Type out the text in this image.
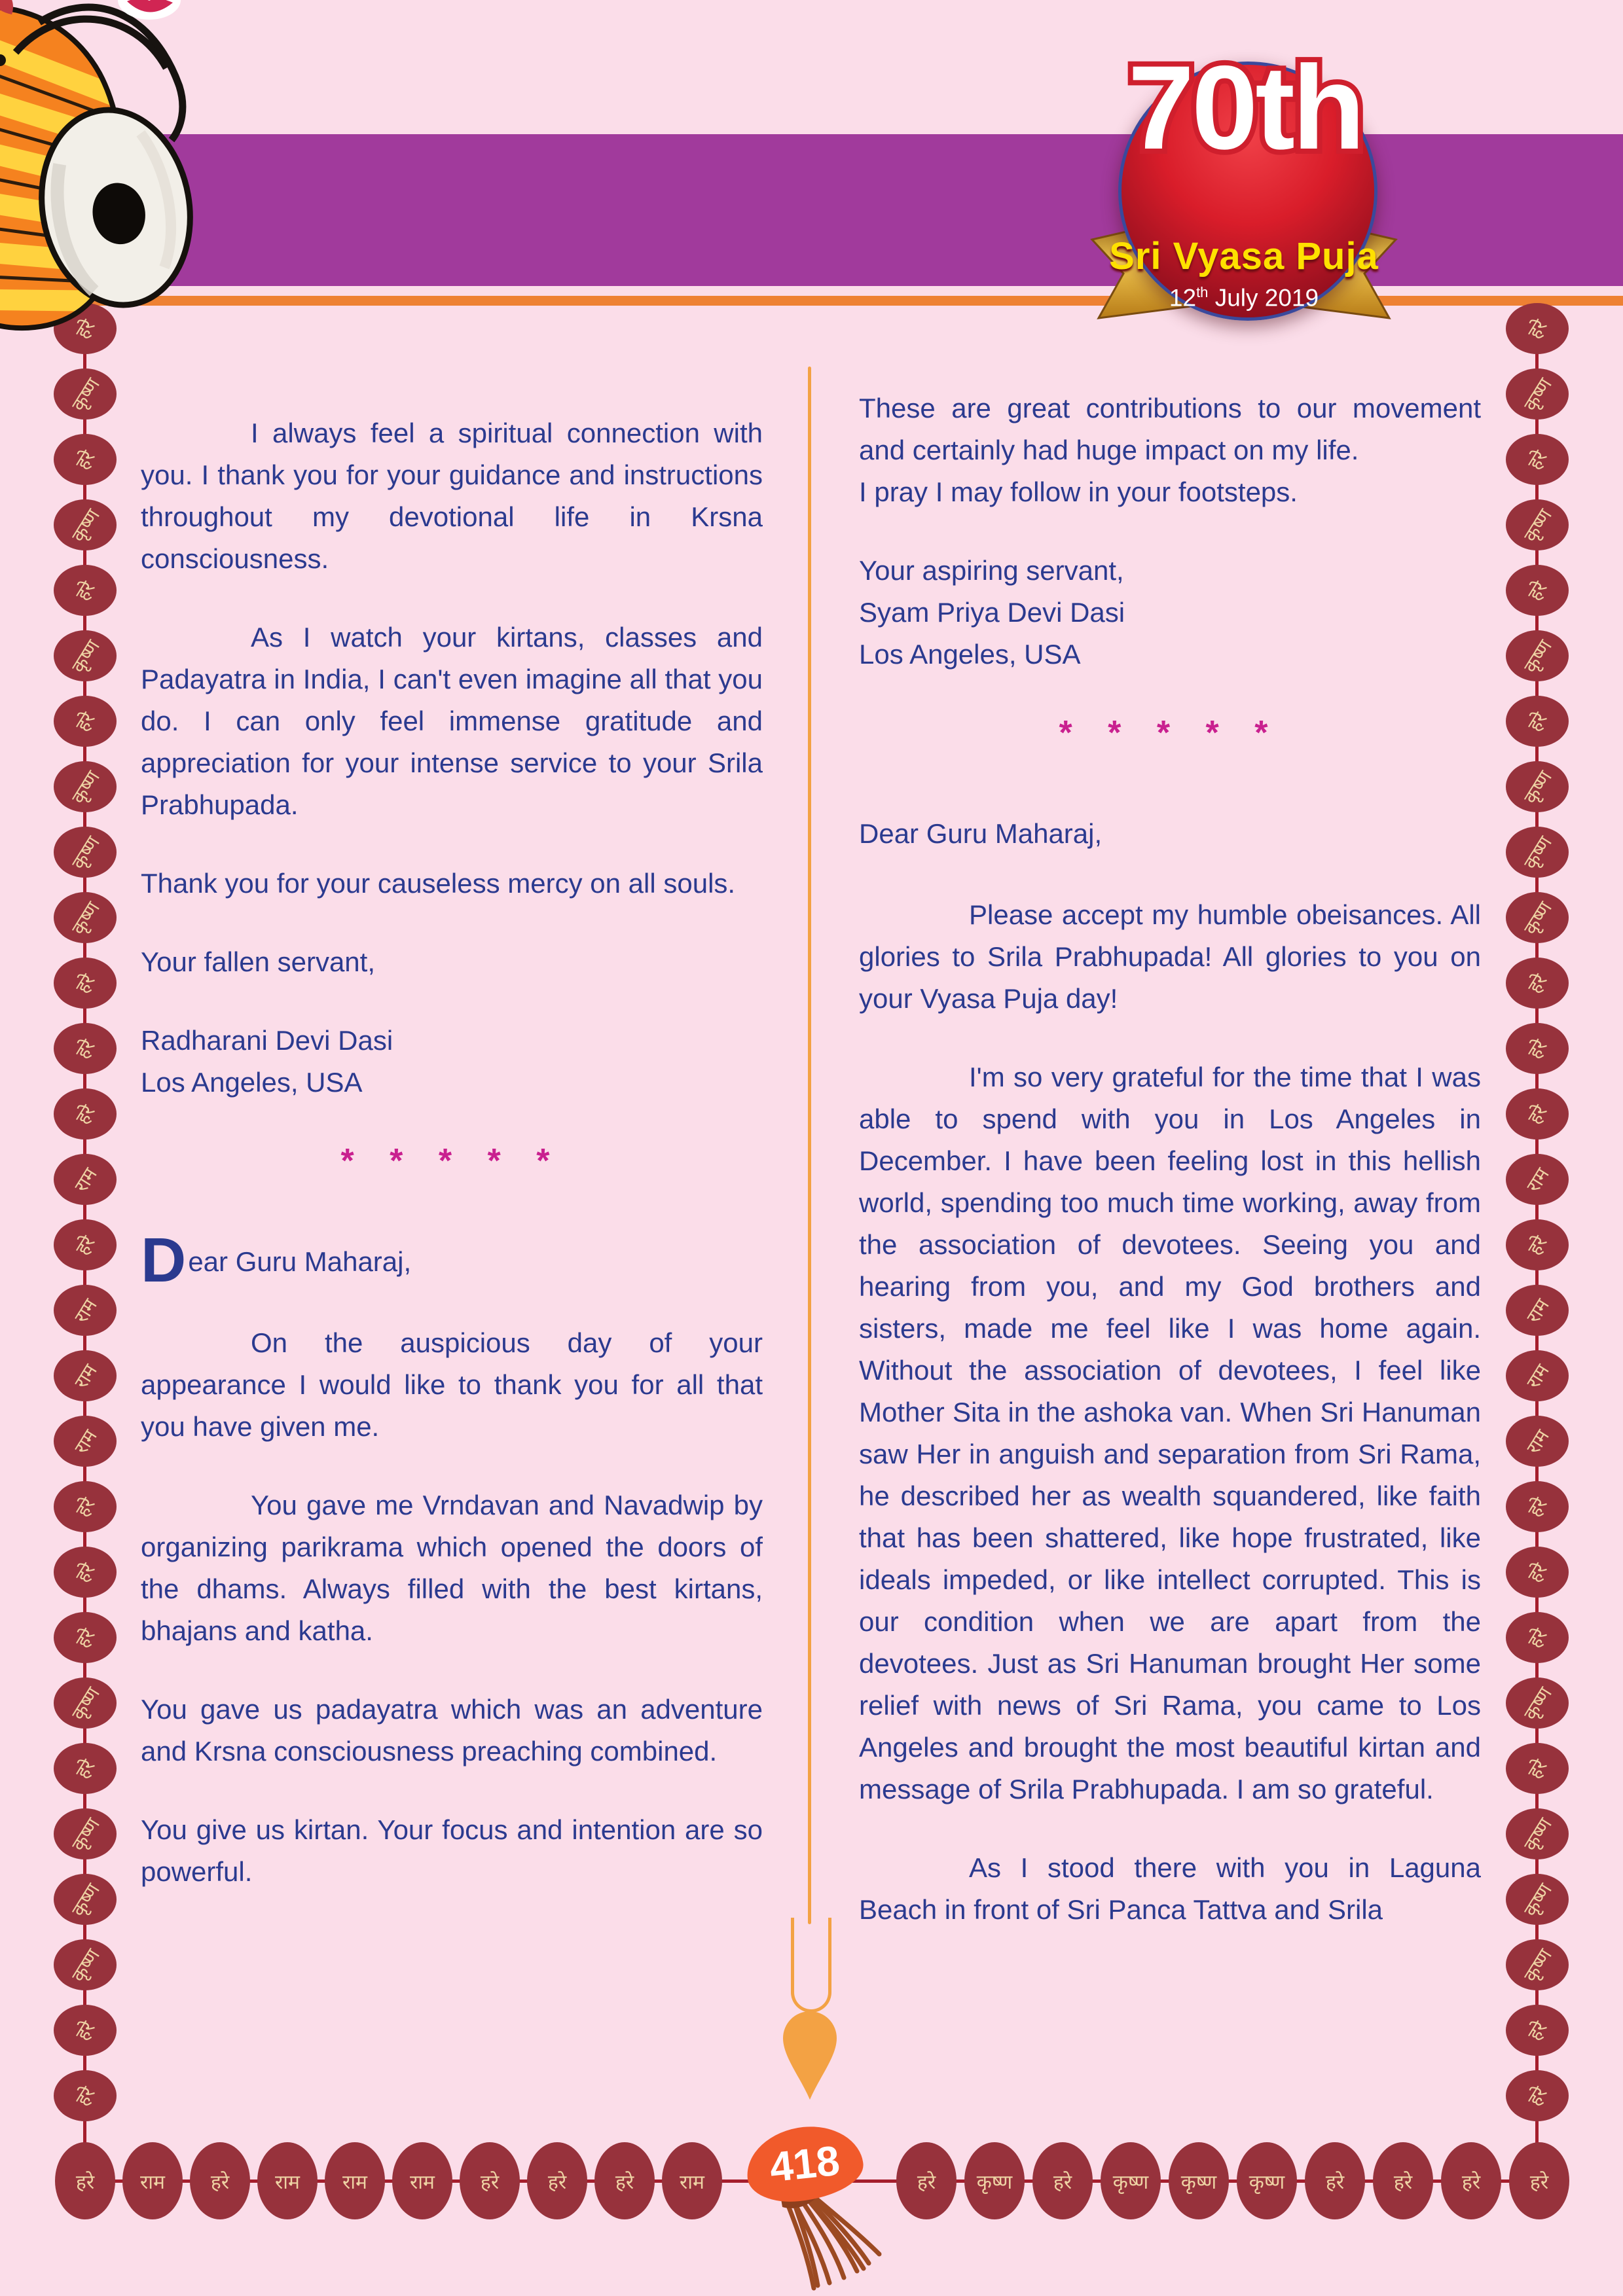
70th
Sri Vyasa Puja
12th July 2019
हरे
कृष्ण
हरे
कृष्ण
हरे
कृष्ण
हरे
कृष्ण
कृष्ण
कृष्ण
हरे
हरे
हरे
राम
हरे
राम
राम
राम
हरे
हरे
हरे
कृष्ण
हरे
कृष्ण
कृष्ण
कृष्ण
हरे
हरे
हरे
कृष्ण
हरे
कृष्ण
हरे
कृष्ण
हरे
कृष्ण
कृष्ण
कृष्ण
हरे
हरे
हरे
राम
हरे
राम
राम
राम
हरे
हरे
हरे
कृष्ण
हरे
कृष्ण
कृष्ण
कृष्ण
हरे
हरे
हरे	राम	हरे	राम	राम	राम	हरे	हरे	हरे	राम	हरे	कृष्ण	हरे	कृष्ण	कृष्ण	कृष्ण	हरे	हरे	हरे	हरे

I always feel a spiritual connection with you. I thank you for your guidance and instructions throughout my devotional life in Krsna consciousness.

As I watch your kirtans, classes and Padayatra in India, I can't even imagine all that you do. I can only feel immense gratitude and appreciation for your intense service to your Srila Prabhupada.

Thank you for your causeless mercy on all souls.

Your fallen servant,

Radharani Devi Dasi
Los Angeles, USA

* * * * *

Dear Guru Maharaj,

On the auspicious day of your appearance I would like to thank you for all that you have given me.

You gave me Vrndavan and Navadwip by organizing parikrama which opened the doors of the dhams. Always filled with the best kirtans, bhajans and katha.

You gave us padayatra which was an adventure and Krsna consciousness preaching combined.

You give us kirtan. Your focus and intention are so powerful.

These are great contributions to our movement and certainly had huge impact on my life.

I pray I may follow in your footsteps.

Your aspiring servant,

Syam Priya Devi Dasi
Los Angeles, USA

* * * * *

Dear Guru Maharaj,

Please accept my humble obeisances. All glories to Srila Prabhupada! All glories to you on your Vyasa Puja day!

I'm so very grateful for the time that I was able to spend with you in Los Angeles in December. I have been feeling lost in this hellish world, spending too much time working, away from the association of devotees. Seeing you and hearing from you, and my God brothers and sisters, made me feel like I was home again. Without the association of devotees, I feel like Mother Sita in the ashoka van. When Sri Hanuman saw Her in anguish and separation from Sri Rama, he described her as wealth squandered, like faith that has been shattered, like hope frustrated, like ideals impeded, or like intellect corrupted. This is our condition when we are apart from the devotees. Just as Sri Hanuman brought Her some relief with news of Sri Rama, you came to Los Angeles and brought the most beautiful kirtan and message of Srila Prabhupada. I am so grateful.

As I stood there with you in Laguna Beach in front of Sri Panca Tattva and Srila

418
